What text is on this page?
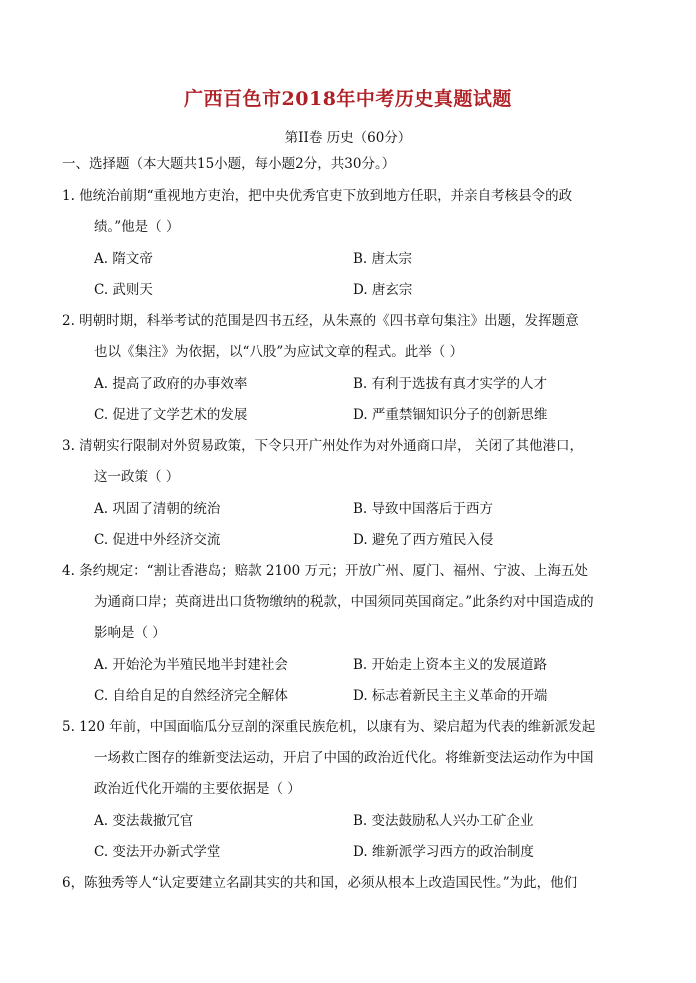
广西百色市2018年中考历史真题试题
第II卷 历史（60分）
一、选择题（本大题共15小题，每小题2分，共30分。）
1. 他统治前期“重视地方吏治，把中央优秀官吏下放到地方任职，并亲自考核县令的政
绩。”他是（ ）
A. 隋文帝	B. 唐太宗
C. 武则天	D. 唐玄宗
2. 明朝时期，科举考试的范围是四书五经，从朱熹的《四书章句集注》出题，发挥题意
也以《集注》为依据，以“八股”为应试文章的程式。此举（ ）
A. 提高了政府的办事效率	B. 有利于选拔有真才实学的人才
C. 促进了文学艺术的发展	D. 严重禁锢知识分子的创新思维
3. 清朝实行限制对外贸易政策，下令只开广州处作为对外通商口岸， 关闭了其他港口，
这一政策（ ）
A. 巩固了清朝的统治	B. 导致中国落后于西方
C. 促进中外经济交流	D. 避免了西方殖民入侵
4. 条约规定：“割让香港岛；赔款 2100 万元；开放广州、厦门、福州、宁波、上海五处
为通商口岸；英商进出口货物缴纳的税款，中国须同英国商定。”此条约对中国造成的
影响是（ ）
A. 开始沦为半殖民地半封建社会	B. 开始走上资本主义的发展道路
C. 自给自足的自然经济完全解体	D. 标志着新民主主义革命的开端
5. 120 年前，中国面临瓜分豆剖的深重民族危机，以康有为、梁启超为代表的维新派发起
一场救亡图存的维新变法运动，开启了中国的政治近代化。将维新变法运动作为中国
政治近代化开端的主要依据是（ ）
A. 变法裁撤冗官	B. 变法鼓励私人兴办工矿企业
C. 变法开办新式学堂	D. 维新派学习西方的政治制度
6，陈独秀等人“认定要建立名副其实的共和国，必须从根本上改造国民性。”为此，他们
